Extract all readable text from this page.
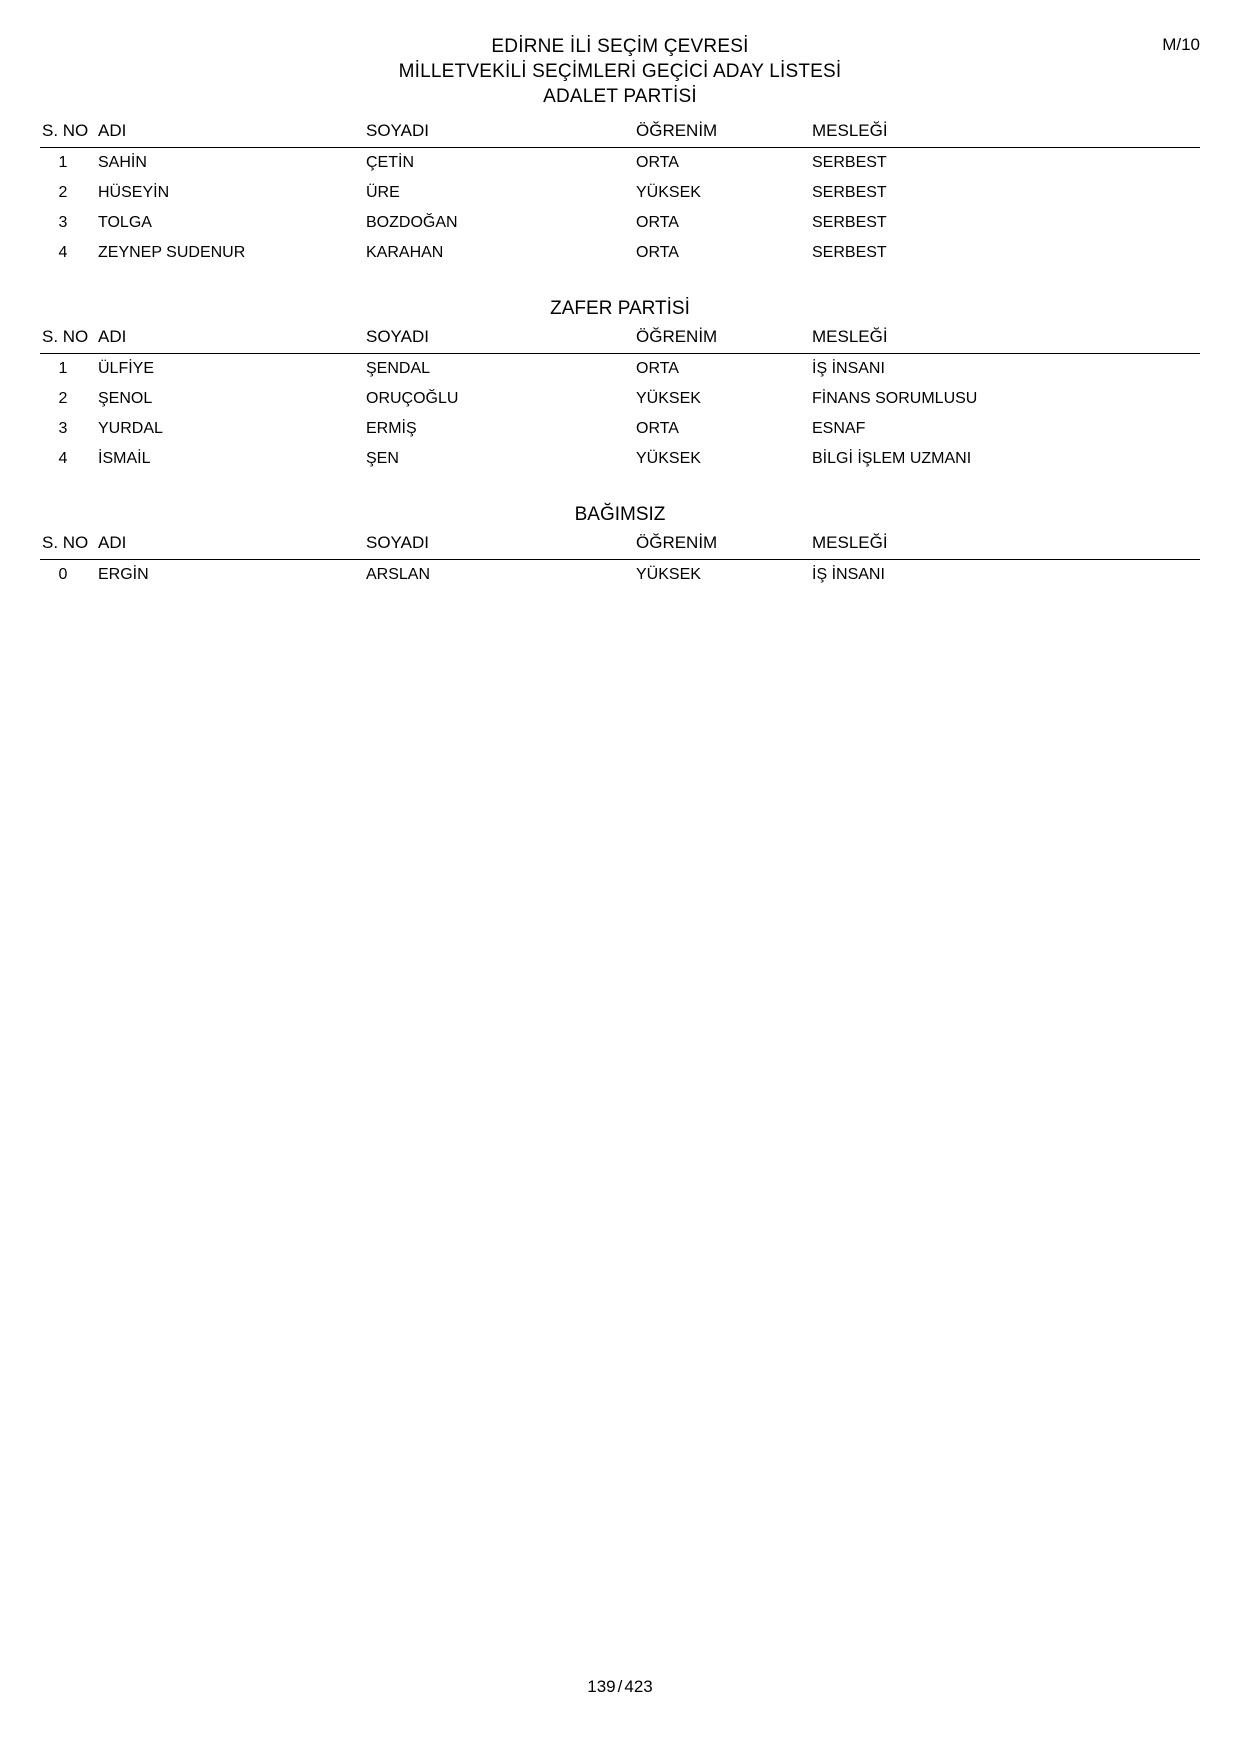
M/10
EDİRNE İLİ SEÇİM ÇEVRESİ
MİLLETVEKİLİ SEÇİMLERİ GEÇİCİ ADAY LİSTESİ
ADALET PARTİSİ
S. NO	ADI	SOYADI	ÖĞRENİM	MESLEĞİ
1	SAHİN	ÇETİN	ORTA	SERBEST
2	HÜSEYİN	ÜRE	YÜKSEK	SERBEST
3	TOLGA	BOZDOĞAN	ORTA	SERBEST
4	ZEYNEP SUDENUR	KARAHAN	ORTA	SERBEST
ZAFER PARTİSİ
S. NO	ADI	SOYADI	ÖĞRENİM	MESLEĞİ
1	ÜLFİYE	ŞENDAL	ORTA	İŞ İNSANI
2	ŞENOL	ORUÇOĞLU	YÜKSEK	FİNANS SORUMLUSU
3	YURDAL	ERMİŞ	ORTA	ESNAF
4	İSMAİL	ŞEN	YÜKSEK	BİLGİ İŞLEM UZMANI
BAĞIMSIZ
S. NO	ADI	SOYADI	ÖĞRENİM	MESLEĞİ
0	ERGİN	ARSLAN	YÜKSEK	İŞ İNSANI
139 / 423
